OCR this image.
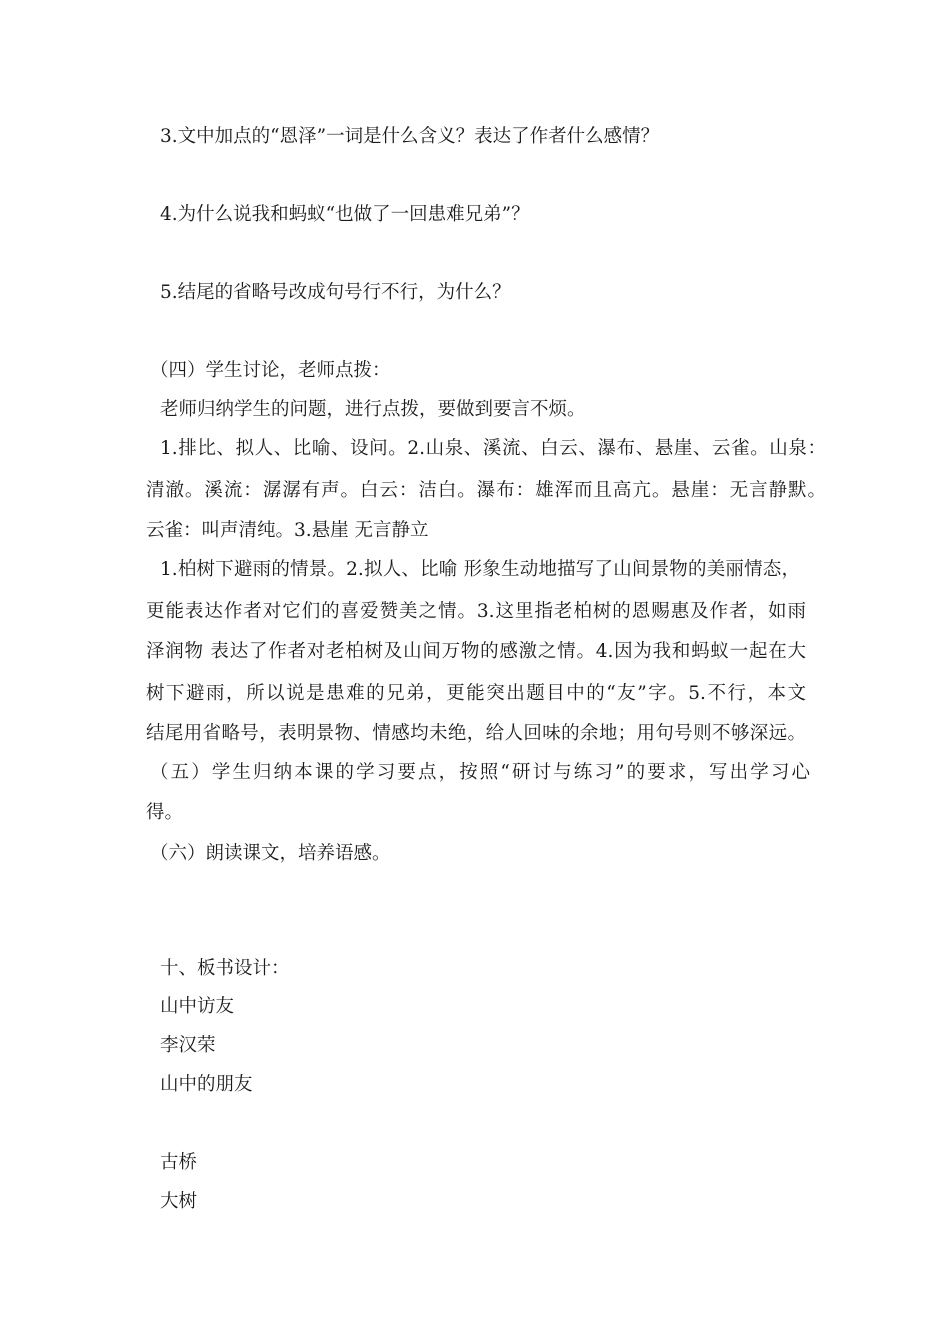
3.文中加点的“恩泽”一词是什么含义？表达了作者什么感情？
4.为什么说我和蚂蚁“也做了一回患难兄弟”？
5.结尾的省略号改成句号行不行，为什么？
（四）学生讨论，老师点拨：
老师归纳学生的问题，进行点拨，要做到要言不烦。
1.排比、拟人、比喻、设问。2.山泉、溪流、白云、瀑布、悬崖、云雀。山泉：
清澈。溪流：潺潺有声。白云：洁白。瀑布：雄浑而且高亢。悬崖：无言静默。
云雀：叫声清纯。3.悬崖 无言静立
1.柏树下避雨的情景。2.拟人、比喻 形象生动地描写了山间景物的美丽情态，
更能表达作者对它们的喜爱赞美之情。3.这里指老柏树的恩赐惠及作者，如雨
泽润物 表达了作者对老柏树及山间万物的感激之情。4.因为我和蚂蚁一起在大
树下避雨，所以说是患难的兄弟，更能突出题目中的“友”字。5.不行，本文
结尾用省略号，表明景物、情感均未绝，给人回味的余地；用句号则不够深远。
（五）学生归纳本课的学习要点，按照“研讨与练习”的要求，写出学习心
得。
（六）朗读课文，培养语感。
十、板书设计：
山中访友
李汉荣
山中的朋友
古桥
大树
